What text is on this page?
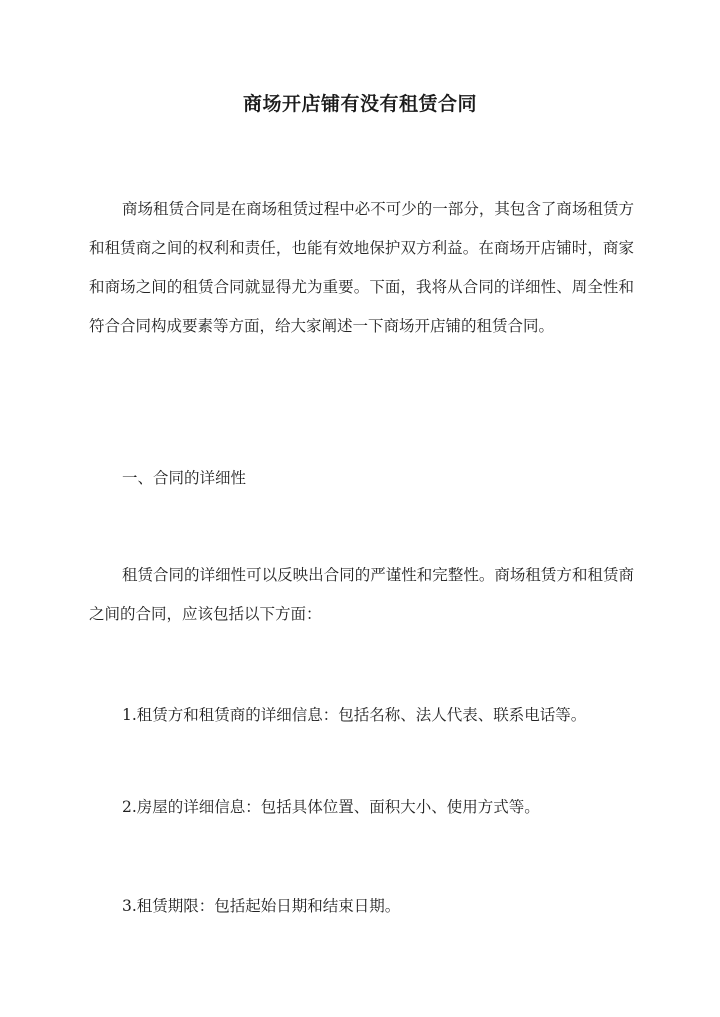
商场开店铺有没有租赁合同

商场租赁合同是在商场租赁过程中必不可少的一部分，其包含了商场租赁方和租赁商之间的权利和责任，也能有效地保护双方利益。在商场开店铺时，商家和商场之间的租赁合同就显得尤为重要。下面，我将从合同的详细性、周全性和符合合同构成要素等方面，给大家阐述一下商场开店铺的租赁合同。

一、合同的详细性

租赁合同的详细性可以反映出合同的严谨性和完整性。商场租赁方和租赁商之间的合同，应该包括以下方面：

1.租赁方和租赁商的详细信息：包括名称、法人代表、联系电话等。

2.房屋的详细信息：包括具体位置、面积大小、使用方式等。

3.租赁期限：包括起始日期和结束日期。
